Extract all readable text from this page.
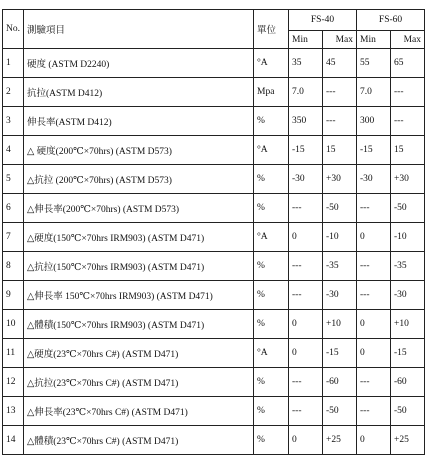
No.	測驗項目	單位	FS-40		FS-60	
			Min	Max	Min	Max
1	硬度 (ASTM D2240)	°A	35	45	55	65
2	抗拉(ASTM D412)	Mpa	7.0	---	7.0	---
3	伸長率(ASTM D412)	%	350	---	300	---
4	△ 硬度(200℃×70hrs) (ASTM D573)	°A	-15	15	-15	15
5	△抗拉 (200℃×70hrs) (ASTM D573)	%	-30	+30	-30	+30
6	△伸長率(200℃×70hrs) (ASTM D573)	%	---	-50	---	-50
7	△硬度(150℃×70hrs IRM903) (ASTM D471)	°A	0	-10	0	-10
8	△抗拉(150℃×70hrs IRM903) (ASTM D471)	%	---	-35	---	-35
9	△伸長率 150℃×70hrs IRM903) (ASTM D471)	%	---	-30	---	-30
10	△體積(150℃×70hrs IRM903) (ASTM D471)	%	0	+10	0	+10
11	△硬度(23℃×70hrs C#) (ASTM D471)	°A	0	-15	0	-15
12	△抗拉(23℃×70hrs C#) (ASTM D471)	%	---	-60	---	-60
13	△伸長率(23℃×70hrs C#) (ASTM D471)	%	---	-50	---	-50
14	△體積(23℃×70hrs C#) (ASTM D471)	%	0	+25	0	+25
